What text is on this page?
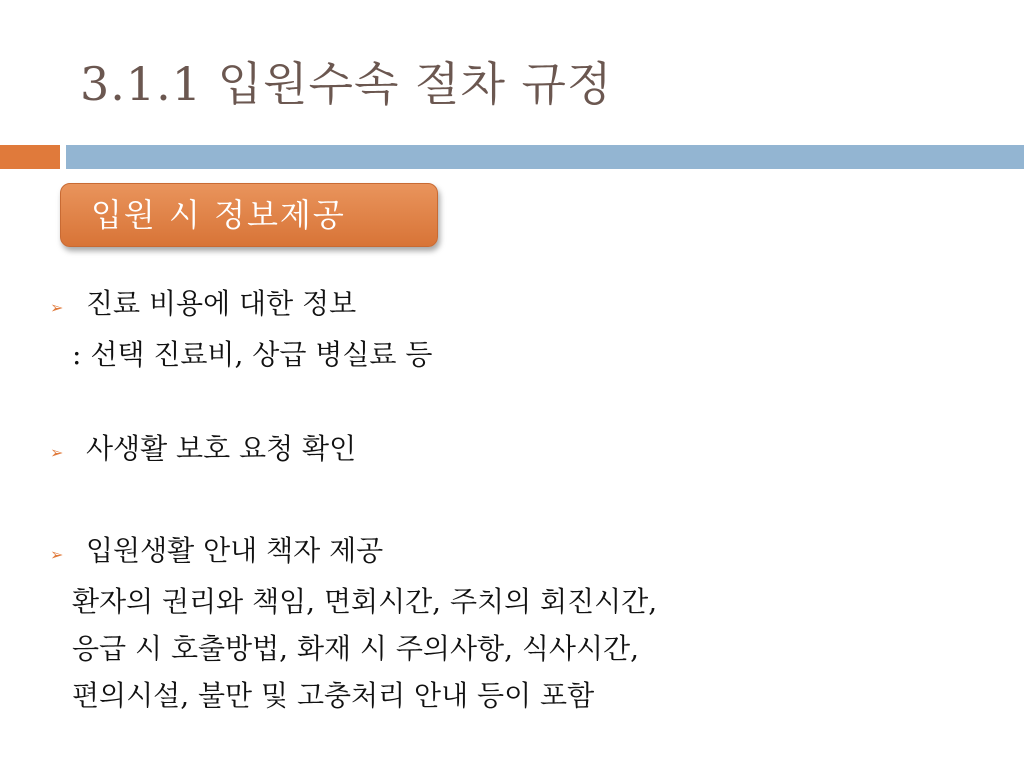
3.1.1 입원수속 절차 규정
입원 시 정보제공
➢ 진료 비용에 대한 정보
: 선택 진료비, 상급 병실료 등
➢ 사생활 보호 요청 확인
➢ 입원생활 안내 책자 제공
환자의 권리와 책임, 면회시간, 주치의 회진시간,
응급 시 호출방법, 화재 시 주의사항, 식사시간,
편의시설, 불만 및 고충처리 안내 등이 포함
